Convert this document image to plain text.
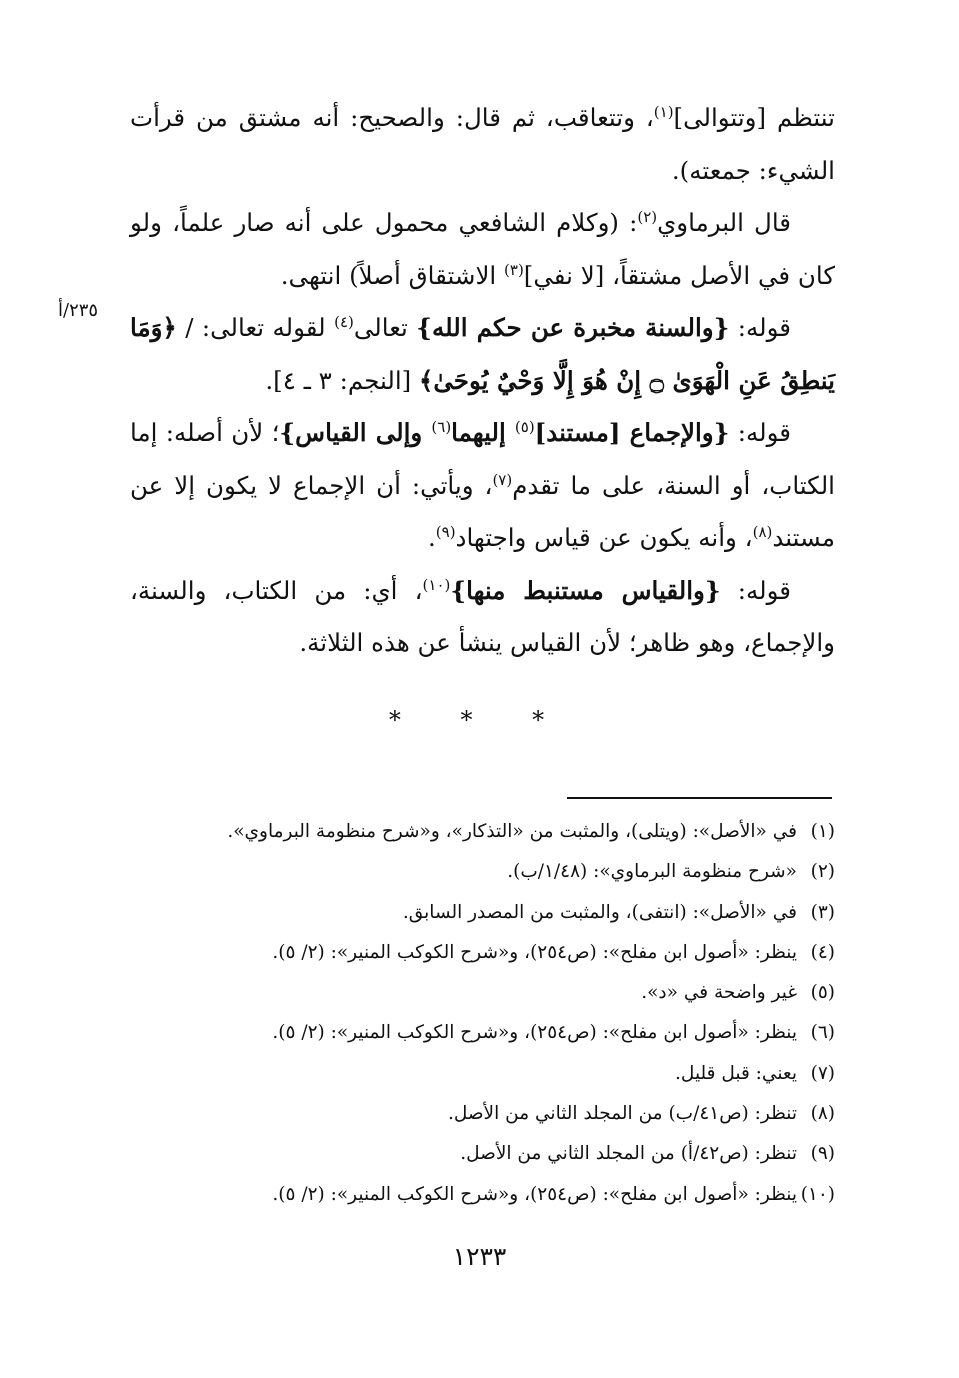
تنتظم [وتتوالى]$^{(١)}$، وتتعاقب، ثم قال: والصحيح: أنه مشتق من قرأت الشيء: جمعته).

قال البرماوي$^{(٢)}$: (وكلام الشافعي محمول على أنه صار علماً، ولو كان في الأصل مشتقاً، [لا نفي]$^{(٣)}$ الاشتقاق أصلاً) انتهى.

قوله: {والسنة مخبرة عن حكم الله} تعالى$^{(٤)}$ لقوله تعالى: / ﴿وَمَا يَنطِقُ عَنِ الْهَوَىٰ ۝ إِنْ هُوَ إِلَّا وَحْيٌ يُوحَىٰ﴾ [النجم: ٣ ـ ٤].

قوله: {والإجماع [مستند]$^{(٥)}$ إليهما$^{(٦)}$ وإلى القياس}؛ لأن أصله: إما الكتاب، أو السنة، على ما تقدم$^{(٧)}$، ويأتي: أن الإجماع لا يكون إلا عن مستند$^{(٨)}$، وأنه يكون عن قياس واجتهاد$^{(٩)}$.

قوله: {والقياس مستنبط منها}$^{(١٠)}$، أي: من الكتاب، والسنة، والإجماع، وهو ظاهر؛ لأن القياس ينشأ عن هذه الثلاثة.

٢٣٥/أ
* * *
(١)في «الأصل»: (ويتلى)، والمثبت من «التذكار»، و«شرح منظومة البرماوي».
(٢)«شرح منظومة البرماوي»: (١/٤٨/ب).
(٣)في «الأصل»: (انتفى)، والمثبت من المصدر السابق.
(٤)ينظر: «أصول ابن مفلح»: (ص٢٥٤)، و«شرح الكوكب المنير»: (٢/ ٥).
(٥)غير واضحة في «د».
(٦)ينظر: «أصول ابن مفلح»: (ص٢٥٤)، و«شرح الكوكب المنير»: (٢/ ٥).
(٧)يعني: قبل قليل.
(٨)تنظر: (ص٤١/ب) من المجلد الثاني من الأصل.
(٩)تنظر: (ص٤٢/أ) من المجلد الثاني من الأصل.
(١٠)ينظر: «أصول ابن مفلح»: (ص٢٥٤)، و«شرح الكوكب المنير»: (٢/ ٥).
١٢٣٣
